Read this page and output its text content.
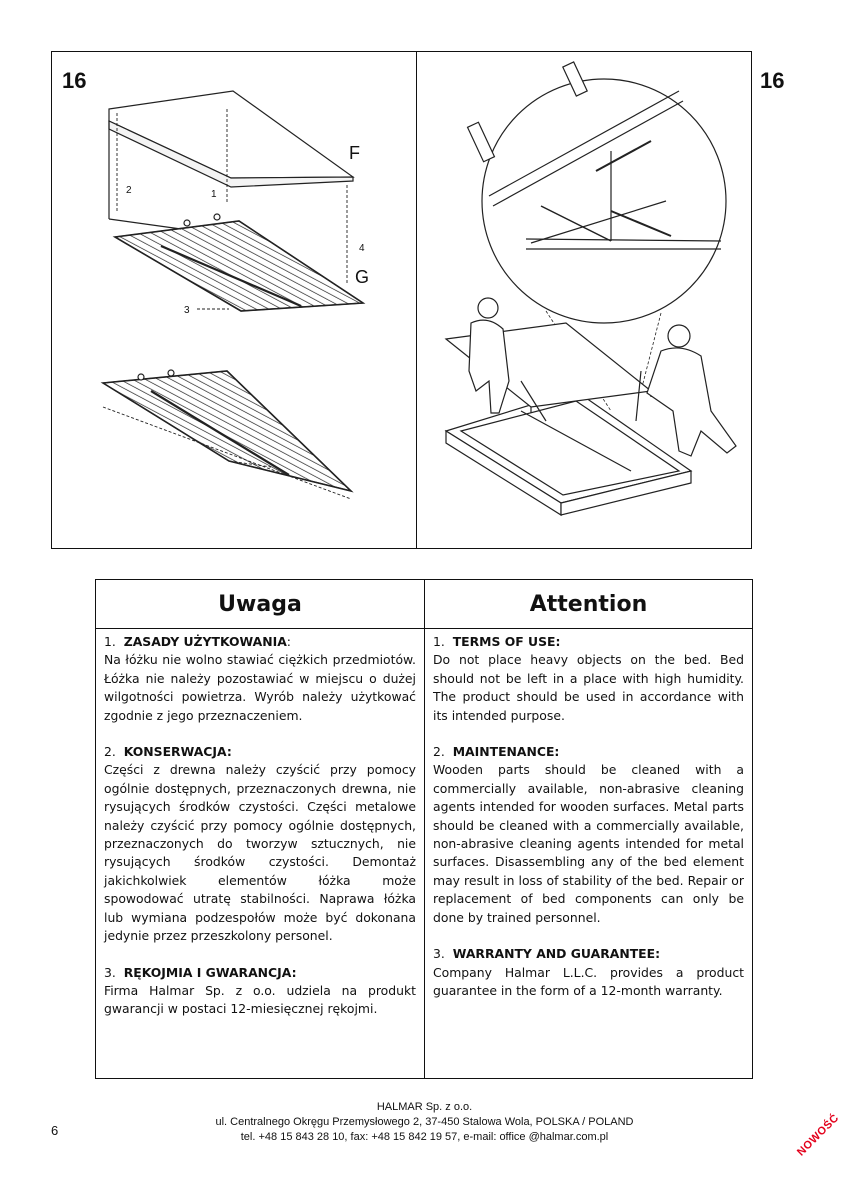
16	16
F
G
2	1
4
3
Uwaga

1. ZASADY UŻYTKOWANIA:

Na łóżku nie wolno stawiać ciężkich przedmiotów. Łóżka nie należy pozostawiać w miejscu o dużej wilgotności powietrza. Wyrób należy użytkować zgodnie z jego przeznaczeniem.

2. KONSERWACJA:

Części z drewna należy czyścić przy pomocy ogólnie dostępnych, przeznaczonych drewna, nie rysujących środków czystości. Części metalowe należy czyścić przy pomocy ogólnie dostępnych, przeznaczonych do tworzyw sztucznych, nie rysujących środków czystości. Demontaż jakichkolwiek elementów łóżka może spowodować utratę stabilności. Naprawa łóżka lub wymiana podzespołów może być dokonana jedynie przez przeszkolony personel.

3. RĘKOJMIA I GWARANCJA:

Firma Halmar Sp. z o.o. udziela na produkt gwarancji w postaci 12-miesięcznej rękojmi.

Attention

1. TERMS OF USE:

Do not place heavy objects on the bed. Bed should not be left in a place with high humidity. The product should be used in accordance with its intended purpose.

2. MAINTENANCE:

Wooden parts should be cleaned with a commercially available, non-abrasive cleaning agents intended for wooden surfaces. Metal parts should be cleaned with a commercially available, non-abrasive cleaning agents intended for metal surfaces. Disassembling any of the bed element may result in loss of stability of the bed. Repair or replacement of bed components can only be done by trained personnel.

3. WARRANTY AND GUARANTEE:

Company Halmar L.L.C. provides a product guarantee in the form of a 12-month warranty.

HALMAR Sp. z o.o.
ul. Centralnego Okręgu Przemysłowego 2, 37-450 Stalowa Wola, POLSKA / POLAND
tel. +48 15 843 28 10, fax: +48 15 842 19 57, e-mail: office @halmar.com.pl
6	NOWOŚĆ
